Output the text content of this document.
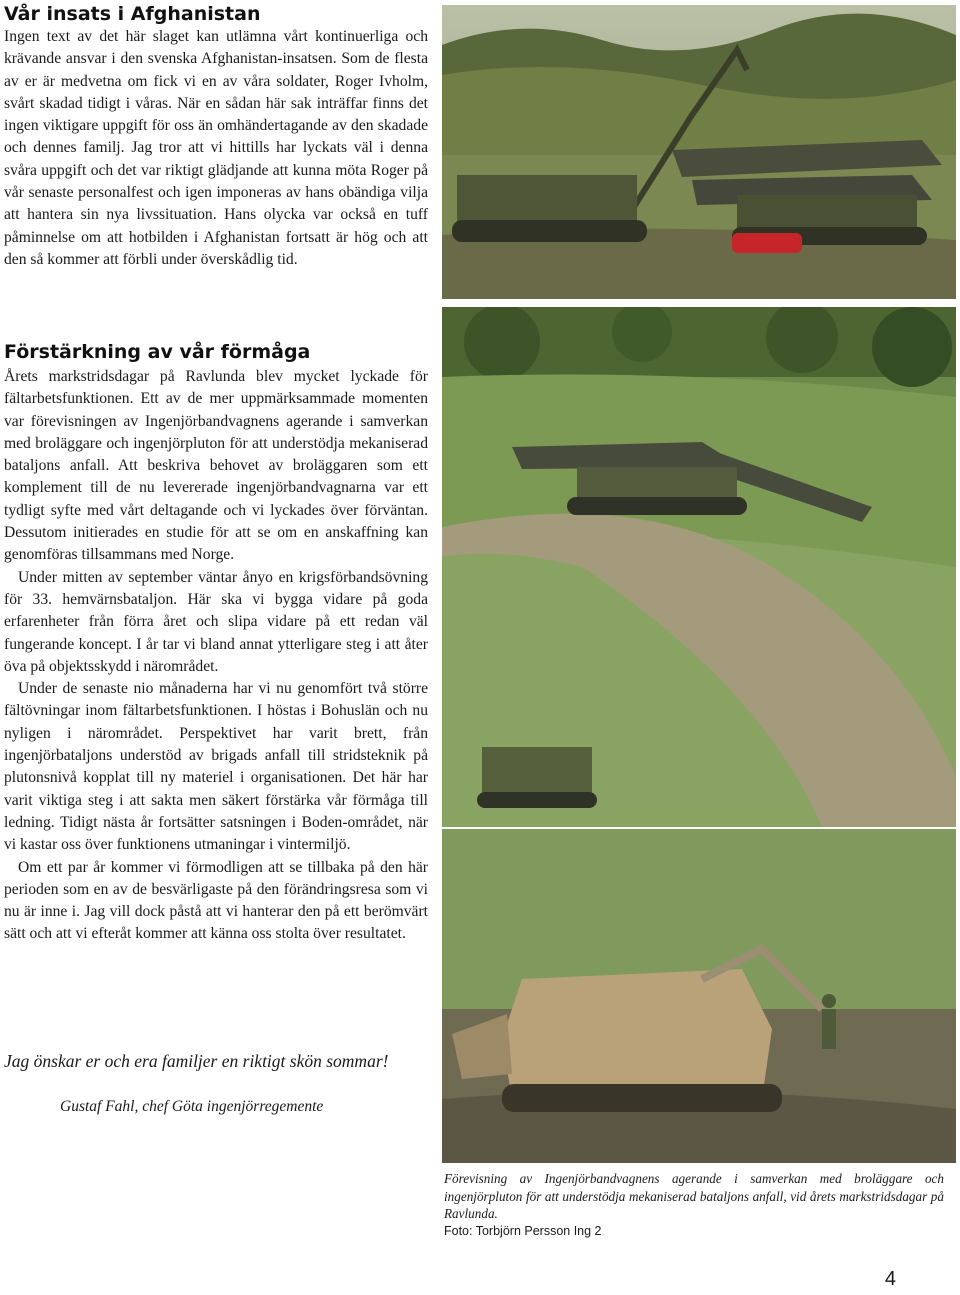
Vår insats i Afghanistan

Ingen text av det här slaget kan utlämna vårt kontinuerliga och krävande ansvar i den svenska Afghanistan-insatsen. Som de flesta av er är medvetna om fick vi en av våra soldater, Roger Ivholm, svårt skadad tidigt i våras. När en sådan här sak inträffar finns det ingen viktigare uppgift för oss än omhändertagande av den skadade och dennes familj. Jag tror att vi hittills har lyckats väl i denna svåra uppgift och det var riktigt glädjande att kunna möta Roger på vår senaste personalfest och igen imponeras av hans obändiga vilja att hantera sin nya livssituation. Hans olycka var också en tuff påminnelse om att hotbilden i Afghanistan fortsatt är hög och att den så kommer att förbli under överskådlig tid.

Förstärkning av vår förmåga

Årets markstridsdagar på Ravlunda blev mycket lyckade för fältarbetsfunktionen. Ett av de mer uppmärksammade momenten var förevisningen av Ingenjörbandvagnens agerande i samverkan med broläggare och ingenjörpluton för att understödja mekaniserad bataljons anfall. Att beskriva behovet av broläggaren som ett komplement till de nu levererade ingenjörbandvagnarna var ett tydligt syfte med vårt deltagande och vi lyckades över förväntan. Dessutom initierades en studie för att se om en anskaffning kan genomföras tillsammans med Norge.

Under mitten av september väntar ånyo en krigsförbandsövning för 33. hemvärnsbataljon. Här ska vi bygga vidare på goda erfarenheter från förra året och slipa vidare på ett redan väl fungerande koncept. I år tar vi bland annat ytterligare steg i att åter öva på objektsskydd i närområdet.

Under de senaste nio månaderna har vi nu genomfört två större fältövningar inom fältarbetsfunktionen. I höstas i Bohuslän och nu nyligen i närområdet. Perspektivet har varit brett, från ingenjörbataljons understöd av brigads anfall till stridsteknik på plutonsnivå kopplat till ny materiel i organisationen. Det här har varit viktiga steg i att sakta men säkert förstärka vår förmåga till ledning. Tidigt nästa år fortsätter satsningen i Boden-området, när vi kastar oss över funktionens utmaningar i vintermiljö.

Om ett par år kommer vi förmodligen att se tillbaka på den här perioden som en av de besvärligaste på den förändringsresa som vi nu är inne i. Jag vill dock påstå att vi hanterar den på ett berömvärt sätt och att vi efteråt kommer att känna oss stolta över resultatet.

Jag önskar er och era familjer en riktigt skön sommar!
Gustaf Fahl, chef Göta ingenjörregemente
Förevisning av Ingenjörbandvagnens agerande i samverkan med broläggare och ingenjörpluton för att understödja mekaniserad bataljons anfall, vid årets markstridsdagar på Ravlunda.
Foto: Torbjörn Persson Ing 2
4
